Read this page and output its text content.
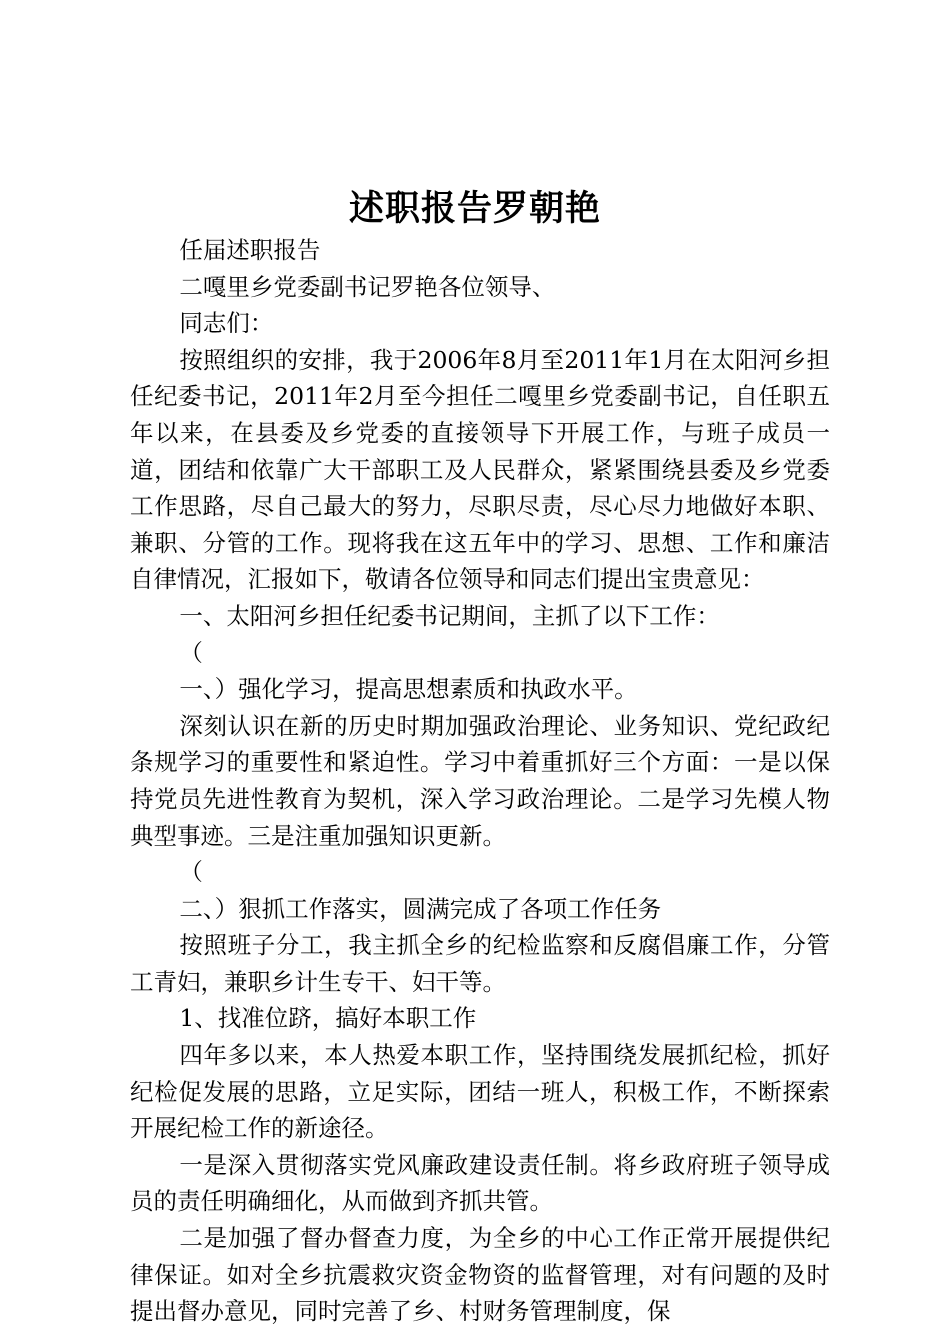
述职报告罗朝艳

任届述职报告

二嘎里乡党委副书记罗艳各位领导、

同志们：

按照组织的安排，我于2006年8月至2011年1月在太阳河乡担任纪委书记，2011年2月至今担任二嘎里乡党委副书记，自任职五年以来，在县委及乡党委的直接领导下开展工作，与班子成员一道，团结和依靠广大干部职工及人民群众，紧紧围绕县委及乡党委工作思路，尽自己最大的努力，尽职尽责，尽心尽力地做好本职、兼职、分管的工作。现将我在这五年中的学习、思想、工作和廉洁自律情况，汇报如下，敬请各位领导和同志们提出宝贵意见：

一、太阳河乡担任纪委书记期间，主抓了以下工作：

（

一、）强化学习，提高思想素质和执政水平。

深刻认识在新的历史时期加强政治理论、业务知识、党纪政纪条规学习的重要性和紧迫性。学习中着重抓好三个方面：一是以保持党员先进性教育为契机，深入学习政治理论。二是学习先模人物典型事迹。三是注重加强知识更新。

（

二、）狠抓工作落实，圆满完成了各项工作任务

按照班子分工，我主抓全乡的纪检监察和反腐倡廉工作，分管工青妇，兼职乡计生专干、妇干等。

1、找准位跻，搞好本职工作

四年多以来，本人热爱本职工作，坚持围绕发展抓纪检，抓好纪检促发展的思路，立足实际，团结一班人，积极工作，不断探索开展纪检工作的新途径。

一是深入贯彻落实党风廉政建设责任制。将乡政府班子领导成员的责任明确细化，从而做到齐抓共管。

二是加强了督办督查力度，为全乡的中心工作正常开展提供纪律保证。如对全乡抗震救灾资金物资的监督管理，对有问题的及时提出督办意见，同时完善了乡、村财务管理制度，保
